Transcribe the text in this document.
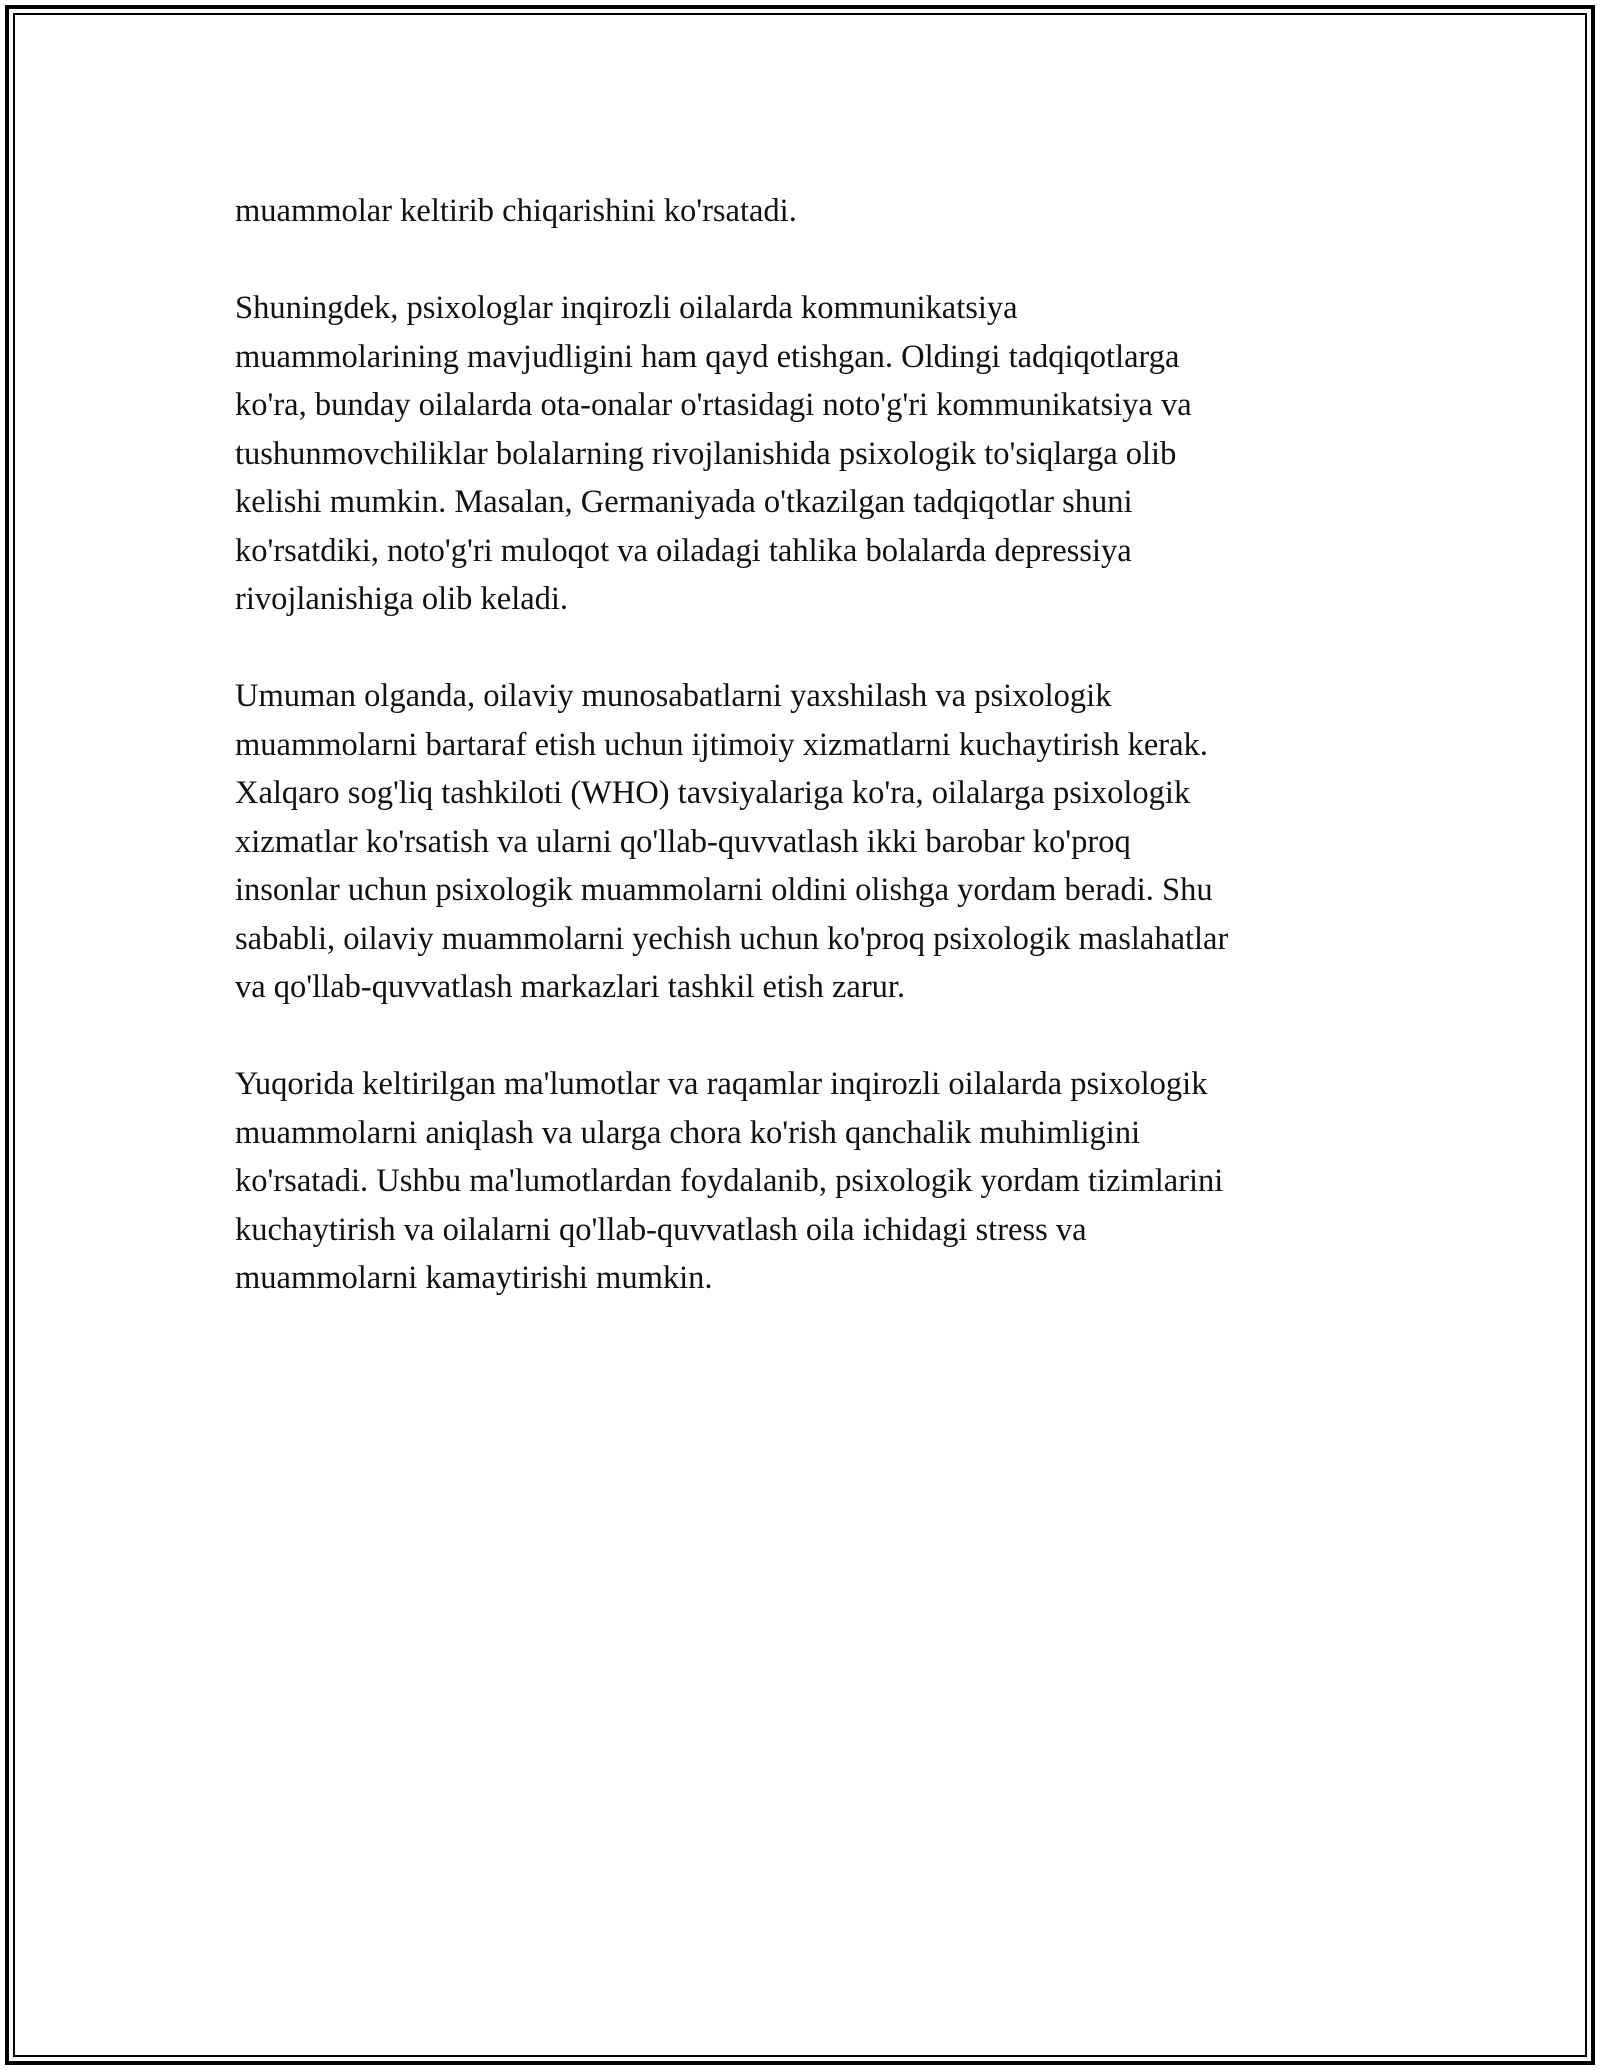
muammolar keltirib chiqarishini ko'rsatadi.

Shuningdek, psixologlar inqirozli oilalarda kommunikatsiya
muammolarining mavjudligini ham qayd etishgan. Oldingi tadqiqotlarga
ko'ra, bunday oilalarda ota-onalar o'rtasidagi noto'g'ri kommunikatsiya va
tushunmovchiliklar bolalarning rivojlanishida psixologik to'siqlarga olib
kelishi mumkin. Masalan, Germaniyada o'tkazilgan tadqiqotlar shuni
ko'rsatdiki, noto'g'ri muloqot va oiladagi tahlika bolalarda depressiya
rivojlanishiga olib keladi.

Umuman olganda, oilaviy munosabatlarni yaxshilash va psixologik
muammolarni bartaraf etish uchun ijtimoiy xizmatlarni kuchaytirish kerak.
Xalqaro sog'liq tashkiloti (WHO) tavsiyalariga ko'ra, oilalarga psixologik
xizmatlar ko'rsatish va ularni qo'llab-quvvatlash ikki barobar ko'proq
insonlar uchun psixologik muammolarni oldini olishga yordam beradi. Shu
sababli, oilaviy muammolarni yechish uchun ko'proq psixologik maslahatlar
va qo'llab-quvvatlash markazlari tashkil etish zarur.

Yuqorida keltirilgan ma'lumotlar va raqamlar inqirozli oilalarda psixologik
muammolarni aniqlash va ularga chora ko'rish qanchalik muhimligini
ko'rsatadi. Ushbu ma'lumotlardan foydalanib, psixologik yordam tizimlarini
kuchaytirish va oilalarni qo'llab-quvvatlash oila ichidagi stress va
muammolarni kamaytirishi mumkin.
